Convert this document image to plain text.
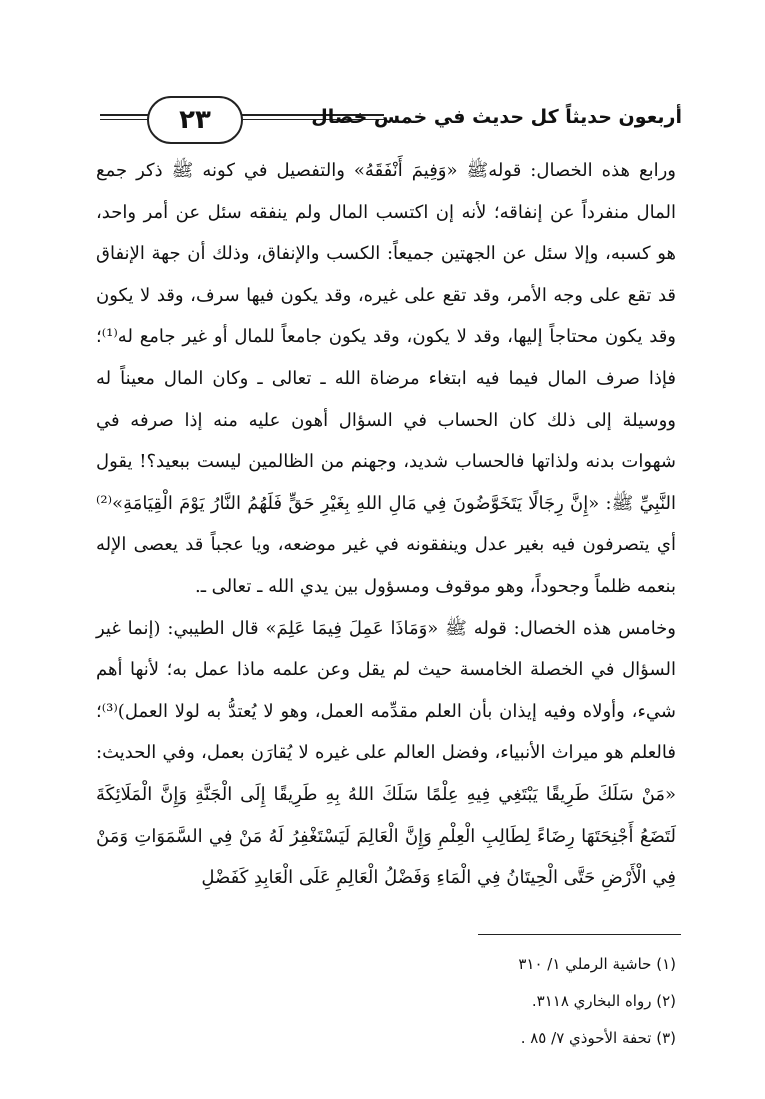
٢٣	أربعون حديثاً كل حديث في خمس خصال

ورابع هذه الخصال: قولهﷺ «وَفِيمَ أَنْفَقَهُ» والتفصيل في كونه ﷺ ذكر جمع المال منفرداً عن إنفاقه؛ لأنه إن اكتسب المال ولم ينفقه سئل عن أمر واحد، هو كسبه، وإلا سئل عن الجهتين جميعاً: الكسب والإنفاق، وذلك أن جهة الإنفاق قد تقع على وجه الأمر، وقد تقع على غيره، وقد يكون فيها سرف، وقد لا يكون وقد يكون محتاجاً إليها، وقد لا يكون، وقد يكون جامعاً للمال أو غير جامع له⁽¹⁾؛ فإذا صرف المال فيما فيه ابتغاء مرضاة الله ـ تعالى ـ وكان المال معيناً له ووسيلة إلى ذلك كان الحساب في السؤال أهون عليه منه إذا صرفه في شهوات بدنه ولذاتها فالحساب شديد، وجهنم من الظالمين ليست ببعيد؟! يقول النَّبِيِّ ﷺ: «إِنَّ رِجَالًا يَتَخَوَّضُونَ فِي مَالِ اللهِ بِغَيْرِ حَقٍّ فَلَهُمُ النَّارُ يَوْمَ الْقِيَامَةِ»⁽²⁾ أي يتصرفون فيه بغير عدل وينفقونه في غير موضعه، ويا عجباً قد يعصى الإله بنعمه ظلماً وجحوداً، وهو موقوف ومسؤول بين يدي الله ـ تعالى ـ.

وخامس هذه الخصال: قوله ﷺ «وَمَاذَا عَمِلَ فِيمَا عَلِمَ» قال الطيبي: (إنما غير السؤال في الخصلة الخامسة حيث لم يقل وعن علمه ماذا عمل به؛ لأنها أهم شيء، وأولاه وفيه إيذان بأن العلم مقدِّمه العمل، وهو لا يُعتدُّ به لولا العمل)⁽³⁾؛ فالعلم هو ميراث الأنبياء، وفضل العالم على غيره لا يُقارَن بعمل، وفي الحديث: «مَنْ سَلَكَ طَرِيقًا يَبْتَغِي فِيهِ عِلْمًا سَلَكَ اللهُ بِهِ طَرِيقًا إِلَى الْجَنَّةِ وَإِنَّ الْمَلَائِكَةَ لَتَضَعُ أَجْنِحَتَهَا رِضَاءً لِطَالِبِ الْعِلْمِ وَإِنَّ الْعَالِمَ لَيَسْتَغْفِرُ لَهُ مَنْ فِي السَّمَوَاتِ وَمَنْ فِي الْأَرْضِ حَتَّى الْحِيتَانُ فِي الْمَاءِ وَفَضْلُ الْعَالِمِ عَلَى الْعَابِدِ كَفَضْلِ

(١) حاشية الرملي ١/ ٣١٠
(٢) رواه البخاري ٣١١٨.
(٣) تحفة الأحوذي ٧/ ٨٥ .
